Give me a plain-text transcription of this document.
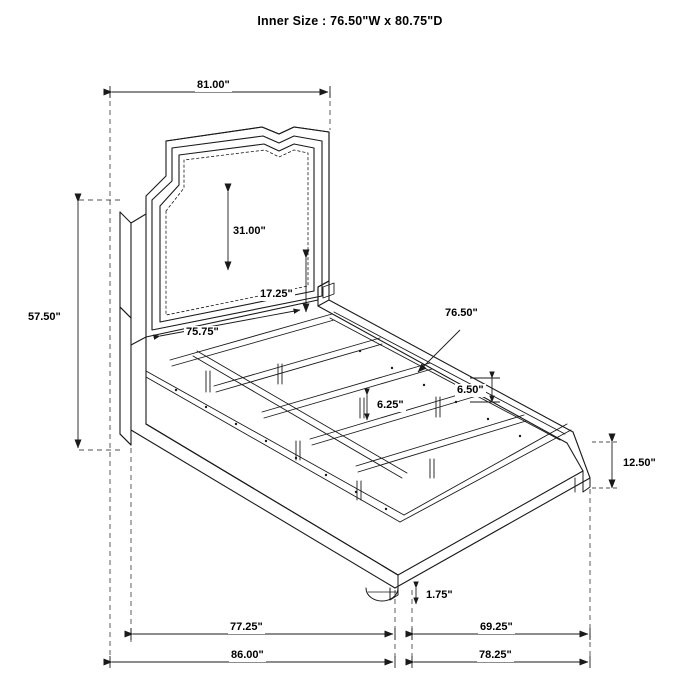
Inner Size : 76.50"W x 80.75"D
81.00"
31.00"
17.25"
75.75"
57.50"	76.50"
6.50"
6.25"
12.50"
1.75"
77.25"	69.25"
86.00"	78.25"
